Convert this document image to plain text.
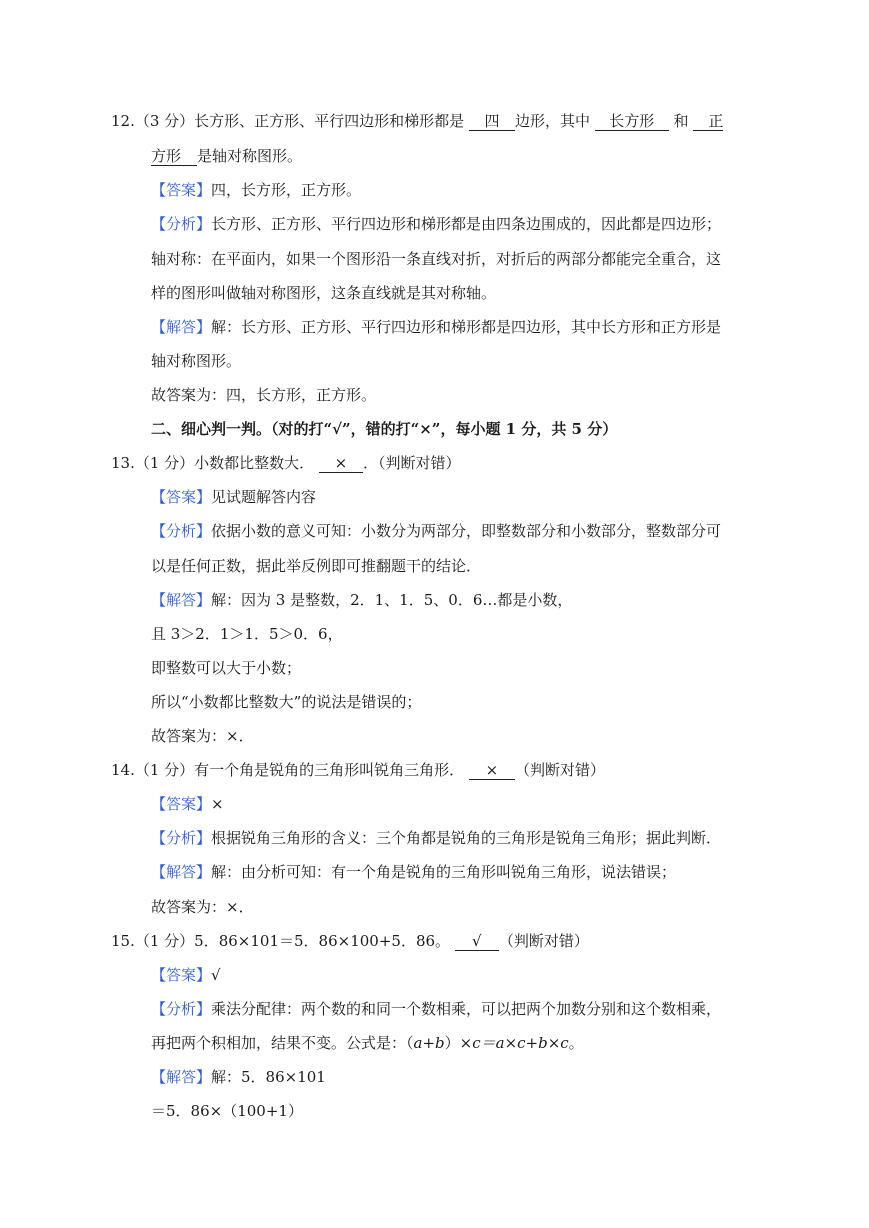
12.（3 分）长方形、正方形、平行四边形和梯形都是 四 边形，其中 长方形 和 正
方形 是轴对称图形。
【答案】四，长方形，正方形。
【分析】长方形、正方形、平行四边形和梯形都是由四条边围成的，因此都是四边形；
轴对称：在平面内，如果一个图形沿一条直线对折，对折后的两部分都能完全重合，这
样的图形叫做轴对称图形，这条直线就是其对称轴。
【解答】解：长方形、正方形、平行四边形和梯形都是四边形，其中长方形和正方形是
轴对称图形。
故答案为：四，长方形，正方形。
二、细心判一判。（对的打“√”，错的打“×”，每小题 1 分，共 5 分）
13.（1 分）小数都比整数大． × ．（判断对错）
【答案】见试题解答内容
【分析】依据小数的意义可知：小数分为两部分，即整数部分和小数部分，整数部分可
以是任何正数，据此举反例即可推翻题干的结论．
【解答】解：因为 3 是整数，2．1、1．5、0．6…都是小数，
且 3＞2．1＞1．5＞0．6，
即整数可以大于小数；
所以“小数都比整数大”的说法是错误的；
故答案为：×．
14.（1 分）有一个角是锐角的三角形叫锐角三角形． × （判断对错）
【答案】×
【分析】根据锐角三角形的含义：三个角都是锐角的三角形是锐角三角形；据此判断．
【解答】解：由分析可知：有一个角是锐角的三角形叫锐角三角形，说法错误；
故答案为：×．
15.（1 分）5．86×101＝5．86×100+5．86。 √ （判断对错）
【答案】√
【分析】乘法分配律：两个数的和同一个数相乘，可以把两个加数分别和这个数相乘，
再把两个积相加，结果不变。公式是：（a+b）×c＝a×c+b×c。
【解答】解：5．86×101
＝5．86×（100+1）
